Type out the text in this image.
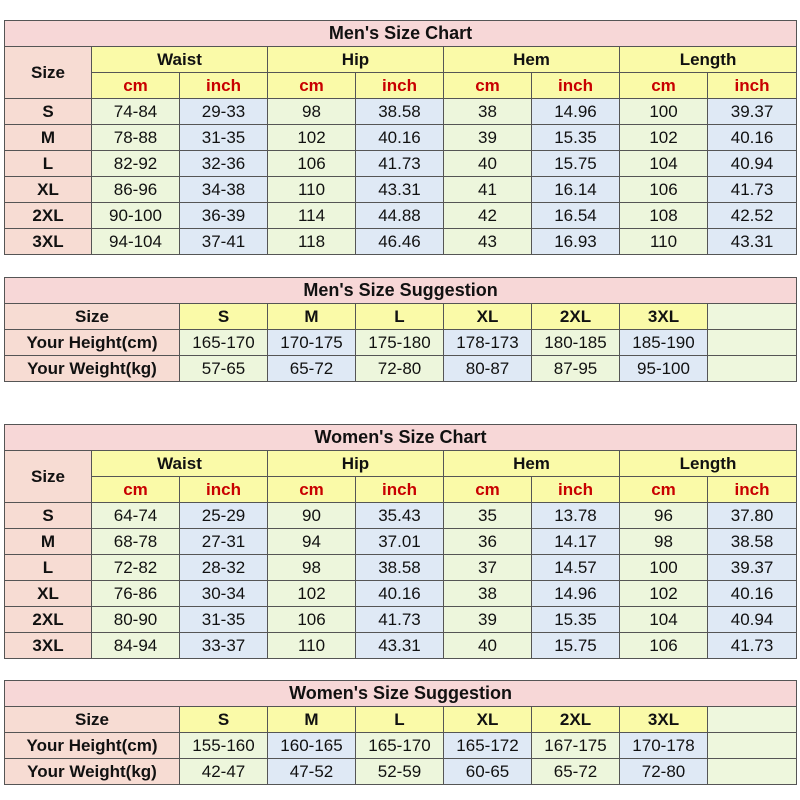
Men's Size Chart								
Size	Waist		Hip		Hem		Length	
	cm	inch	cm	inch	cm	inch	cm	inch
S	74-84	29-33	98	38.58	38	14.96	100	39.37
M	78-88	31-35	102	40.16	39	15.35	102	40.16
L	82-92	32-36	106	41.73	40	15.75	104	40.94
XL	86-96	34-38	110	43.31	41	16.14	106	41.73
2XL	90-100	36-39	114	44.88	42	16.54	108	42.52
3XL	94-104	37-41	118	46.46	43	16.93	110	43.31
Men's Size Suggestion							
Size	S	M	L	XL	2XL	3XL	
Your Height(cm)	165-170	170-175	175-180	178-173	180-185	185-190	
Your Weight(kg)	57-65	65-72	72-80	80-87	87-95	95-100	
Women's Size Chart								
Size	Waist		Hip		Hem		Length	
	cm	inch	cm	inch	cm	inch	cm	inch
S	64-74	25-29	90	35.43	35	13.78	96	37.80
M	68-78	27-31	94	37.01	36	14.17	98	38.58
L	72-82	28-32	98	38.58	37	14.57	100	39.37
XL	76-86	30-34	102	40.16	38	14.96	102	40.16
2XL	80-90	31-35	106	41.73	39	15.35	104	40.94
3XL	84-94	33-37	110	43.31	40	15.75	106	41.73
Women's Size Suggestion							
Size	S	M	L	XL	2XL	3XL	
Your Height(cm)	155-160	160-165	165-170	165-172	167-175	170-178	
Your Weight(kg)	42-47	47-52	52-59	60-65	65-72	72-80	
